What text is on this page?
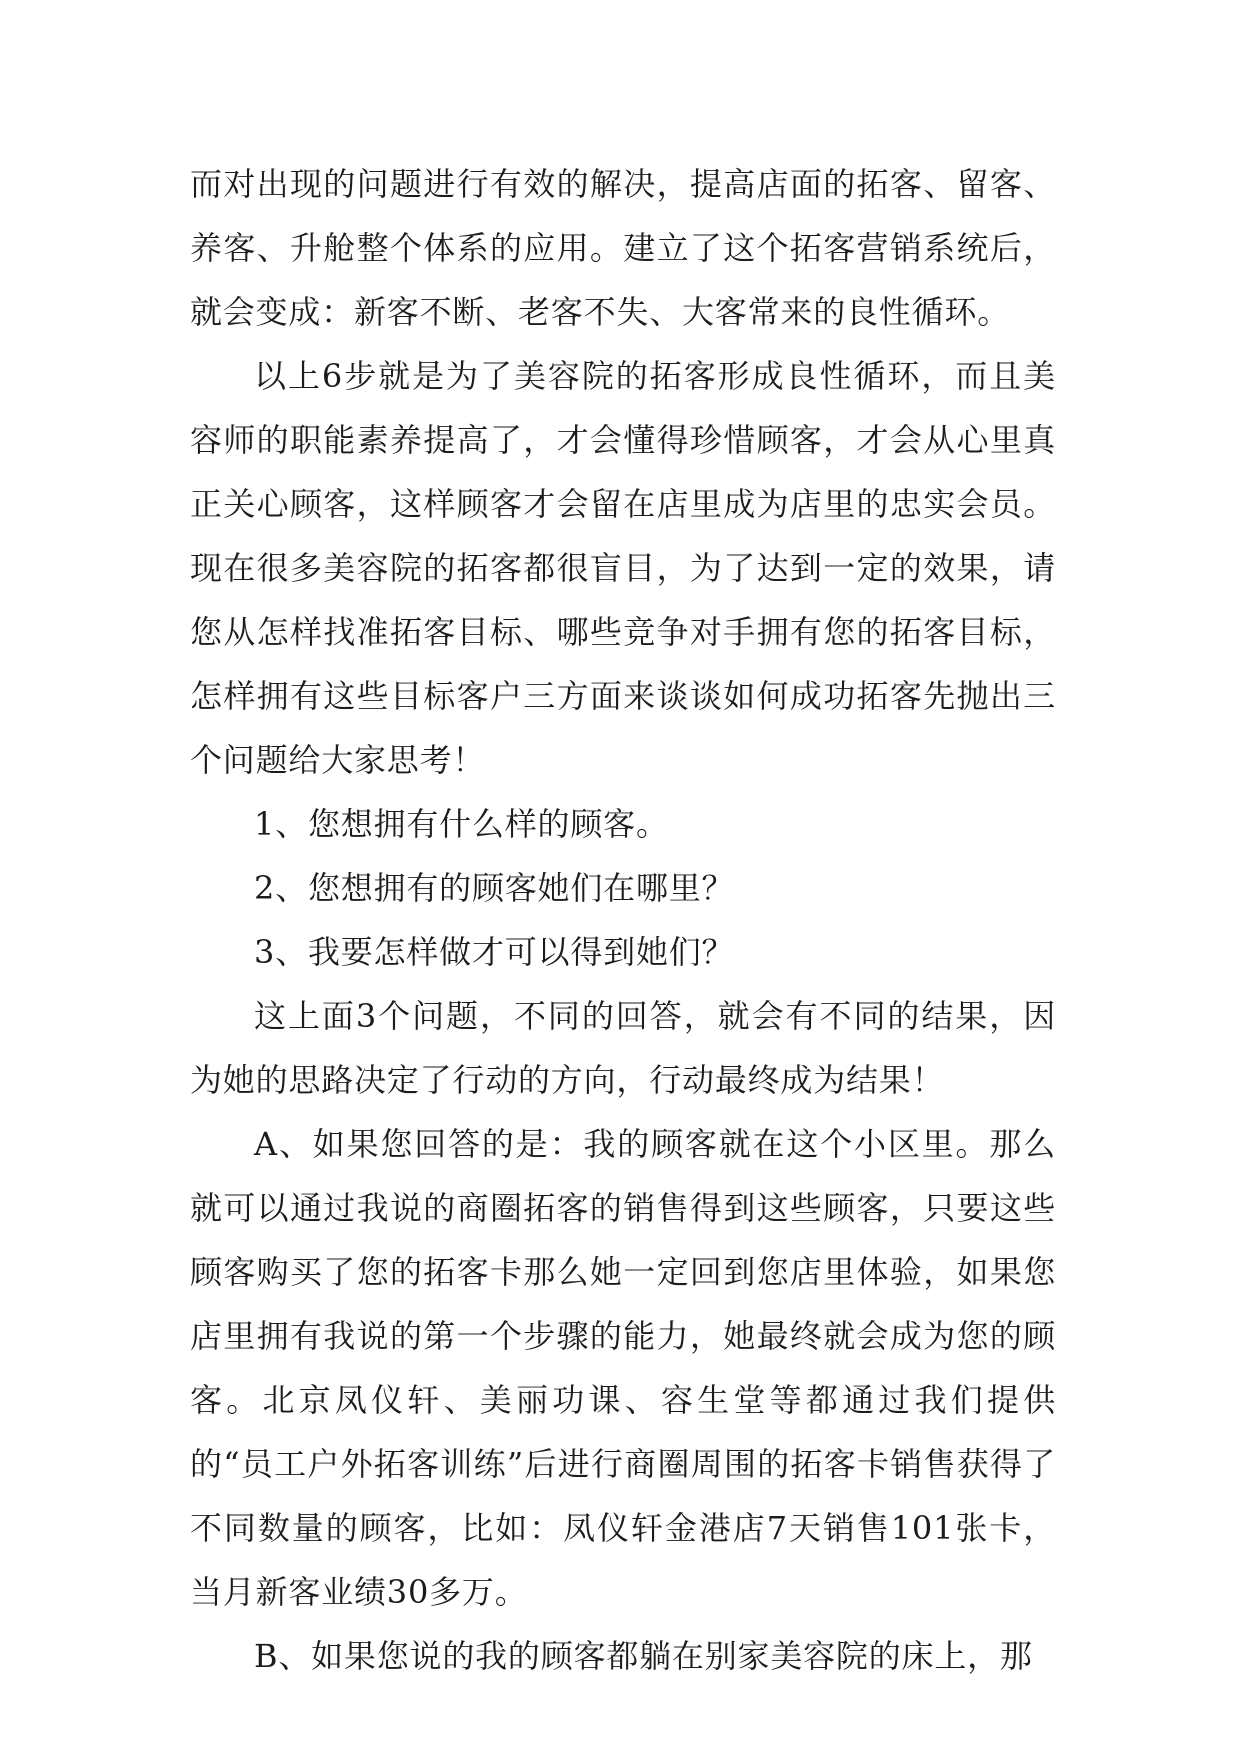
而对出现的问题进行有效的解决，提高店面的拓客、留客、养客、升舱整个体系的应用。建立了这个拓客营销系统后，就会变成：新客不断、老客不失、大客常来的良性循环。

以上6步就是为了美容院的拓客形成良性循环，而且美容师的职能素养提高了，才会懂得珍惜顾客，才会从心里真正关心顾客，这样顾客才会留在店里成为店里的忠实会员。现在很多美容院的拓客都很盲目，为了达到一定的效果，请您从怎样找准拓客目标、哪些竞争对手拥有您的拓客目标，怎样拥有这些目标客户三方面来谈谈如何成功拓客先抛出三个问题给大家思考！

1、您想拥有什么样的顾客。

2、您想拥有的顾客她们在哪里？

3、我要怎样做才可以得到她们？

这上面3个问题，不同的回答，就会有不同的结果，因为她的思路决定了行动的方向，行动最终成为结果！

A、如果您回答的是：我的顾客就在这个小区里。那么就可以通过我说的商圈拓客的销售得到这些顾客，只要这些顾客购买了您的拓客卡那么她一定回到您店里体验，如果您店里拥有我说的第一个步骤的能力，她最终就会成为您的顾客。北京凤仪轩、美丽功课、容生堂等都通过我们提供的“员工户外拓客训练”后进行商圈周围的拓客卡销售获得了不同数量的顾客，比如：凤仪轩金港店7天销售101张卡，当月新客业绩30多万。

B、如果您说的我的顾客都躺在别家美容院的床上，那
